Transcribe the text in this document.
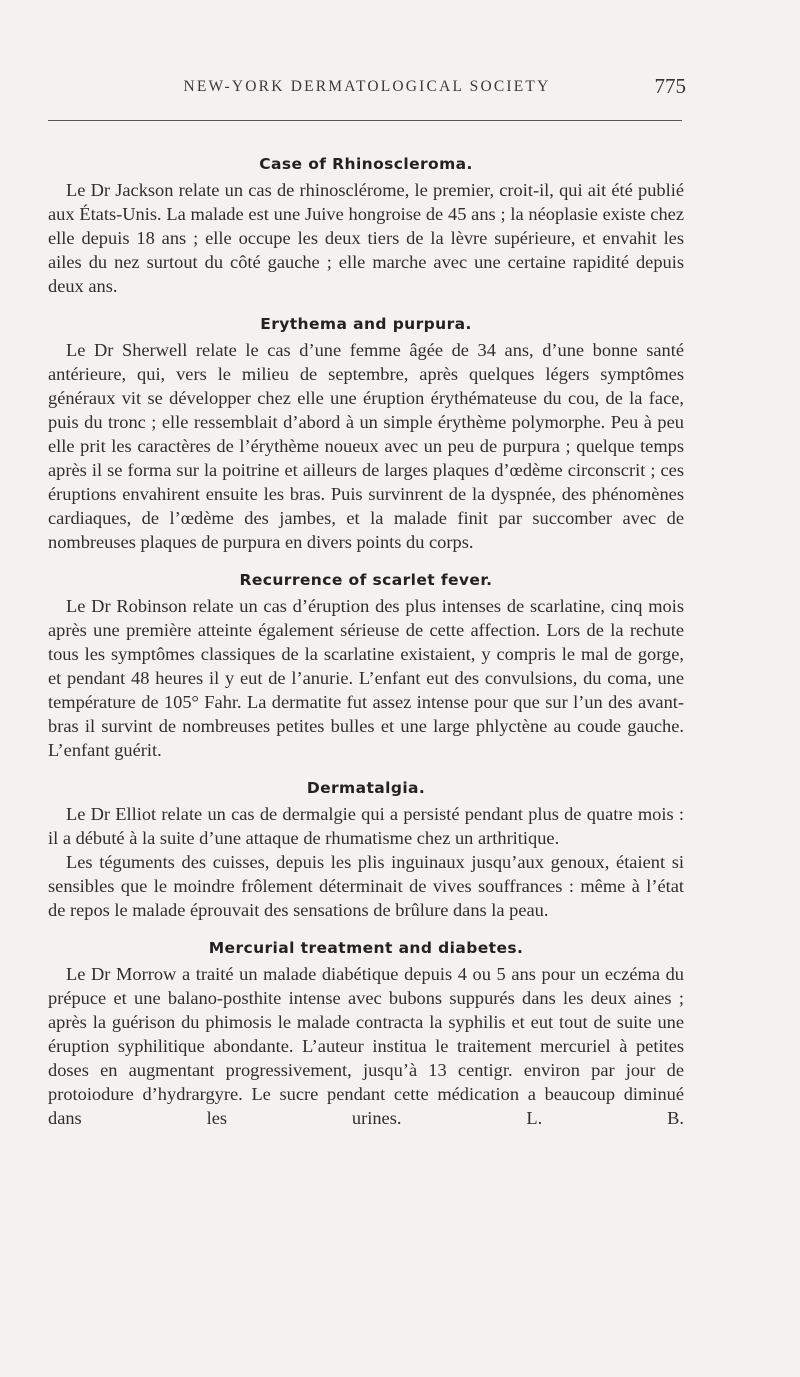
NEW-YORK DERMATOLOGICAL SOCIETY	775
Case of Rhinoscleroma.

Le Dr Jackson relate un cas de rhinosclérome, le premier, croit-il, qui ait été publié aux États-Unis. La malade est une Juive hongroise de 45 ans ; la néoplasie existe chez elle depuis 18 ans ; elle occupe les deux tiers de la lèvre supérieure, et envahit les ailes du nez surtout du côté gauche ; elle marche avec une certaine rapidité depuis deux ans.

Erythema and purpura.

Le Dr Sherwell relate le cas d’une femme âgée de 34 ans, d’une bonne santé antérieure, qui, vers le milieu de septembre, après quelques légers symptômes généraux vit se développer chez elle une éruption érythémateuse du cou, de la face, puis du tronc ; elle ressemblait d’abord à un simple érythème polymorphe. Peu à peu elle prit les caractères de l’érythème noueux avec un peu de purpura ; quelque temps après il se forma sur la poitrine et ailleurs de larges plaques d’œdème circonscrit ; ces éruptions envahirent ensuite les bras. Puis survinrent de la dyspnée, des phénomènes cardiaques, de l’œdème des jambes, et la malade finit par succomber avec de nombreuses plaques de purpura en divers points du corps.

Recurrence of scarlet fever.

Le Dr Robinson relate un cas d’éruption des plus intenses de scarlatine, cinq mois après une première atteinte également sérieuse de cette affection. Lors de la rechute tous les symptômes classiques de la scarlatine existaient, y compris le mal de gorge, et pendant 48 heures il y eut de l’anurie. L’enfant eut des convulsions, du coma, une température de 105° Fahr. La dermatite fut assez intense pour que sur l’un des avant-bras il survint de nombreuses petites bulles et une large phlyctène au coude gauche. L’enfant guérit.

Dermatalgia.

Le Dr Elliot relate un cas de dermalgie qui a persisté pendant plus de quatre mois : il a débuté à la suite d’une attaque de rhumatisme chez un arthritique.

Les téguments des cuisses, depuis les plis inguinaux jusqu’aux genoux, étaient si sensibles que le moindre frôlement déterminait de vives souffrances : même à l’état de repos le malade éprouvait des sensations de brûlure dans la peau.

Mercurial treatment and diabetes.

Le Dr Morrow a traité un malade diabétique depuis 4 ou 5 ans pour un eczéma du prépuce et une balano-posthite intense avec bubons suppurés dans les deux aines ; après la guérison du phimosis le malade contracta la syphilis et eut tout de suite une éruption syphilitique abondante. L’auteur institua le traitement mercuriel à petites doses en augmentant progressivement, jusqu’à 13 centigr. environ par jour de protoiodure d’hydrargyre. Le sucre pendant cette médication a beaucoup diminué dans les urines.	L. B.
